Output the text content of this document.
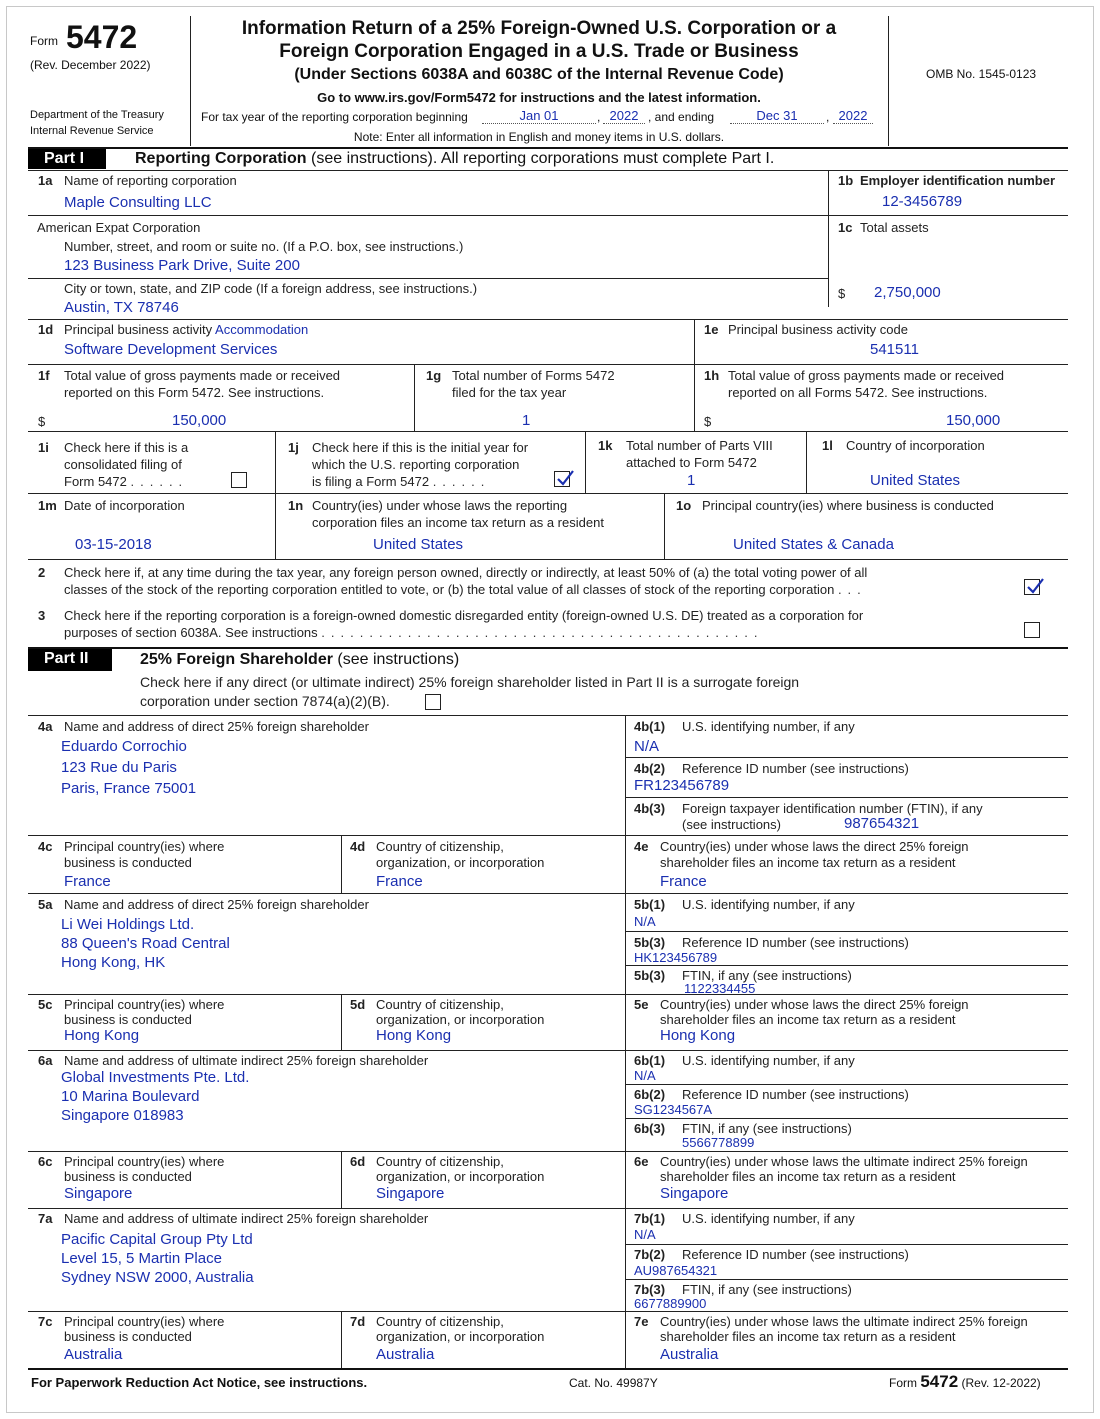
Form 5472
(Rev. December 2022)
Department of the Treasury
Internal Revenue Service
Information Return of a 25% Foreign-Owned U.S. Corporation or a
Foreign Corporation Engaged in a U.S. Trade or Business
(Under Sections 6038A and 6038C of the Internal Revenue Code)
Go to www.irs.gov/Form5472 for instructions and the latest information.
For tax year of the reporting corporation beginning	Jan 01	, 2022 , and ending	Dec 31	, 2022
Note: Enter all information in English and money items in U.S. dollars.
OMB No. 1545-0123
Part I	Reporting Corporation (see instructions). All reporting corporations must complete Part I.
1a Name of reporting corporation
Maple Consulting LLC
1b Employer identification number
12-3456789
American Expat Corporation
Number, street, and room or suite no. (If a P.O. box, see instructions.)
123 Business Park Drive, Suite 200
City or town, state, and ZIP code (If a foreign address, see instructions.)
Austin, TX 78746
1c Total assets
$ 2,750,000
1d Principal business activity Accommodation
Software Development Services
1e Principal business activity code
541511
1f Total value of gross payments made or received
reported on this Form 5472. See instructions.
$	150,000
1g Total number of Forms 5472
filed for the tax year
1
1h Total value of gross payments made or received
reported on all Forms 5472. See instructions.
$	150,000
1i Check here if this is a
consolidated filing of
Form 5472 ......
1j Check here if this is the initial year for
which the U.S. reporting corporation
is filing a Form 5472 ......
1k Total number of Parts VIII
attached to Form 5472
1
1l Country of incorporation
United States
1m Date of incorporation
03-15-2018
1n Country(ies) under whose laws the reporting
corporation files an income tax return as a resident
United States
1o Principal country(ies) where business is conducted
United States & Canada
2 Check here if, at any time during the tax year, any foreign person owned, directly or indirectly, at least 50% of (a) the total voting power of all
classes of the stock of the reporting corporation entitled to vote, or (b) the total value of all classes of stock of the reporting corporation ...
3 Check here if the reporting corporation is a foreign-owned domestic disregarded entity (foreign-owned U.S. DE) treated as a corporation for
purposes of section 6038A. See instructions ..............................................
Part II	25% Foreign Shareholder (see instructions)
Check here if any direct (or ultimate indirect) 25% foreign shareholder listed in Part II is a surrogate foreign
corporation under section 7874(a)(2)(B).
4a Name and address of direct 25% foreign shareholder
Eduardo Corrochio
123 Rue du Paris
Paris, France 75001
4b(1) U.S. identifying number, if any
N/A
4b(2) Reference ID number (see instructions)
FR123456789
4b(3) Foreign taxpayer identification number (FTIN), if any
(see instructions)	987654321
4c Principal country(ies) where
business is conducted
France
4d Country of citizenship,
organization, or incorporation
France
4e Country(ies) under whose laws the direct 25% foreign
shareholder files an income tax return as a resident
France
5a Name and address of direct 25% foreign shareholder
Li Wei Holdings Ltd.
88 Queen's Road Central
Hong Kong, HK
5b(1) U.S. identifying number, if any
N/A
5b(3) Reference ID number (see instructions)
HK123456789
5b(3) FTIN, if any (see instructions)
1122334455
5c Principal country(ies) where
business is conducted
Hong Kong
5d Country of citizenship,
organization, or incorporation
Hong Kong
5e Country(ies) under whose laws the direct 25% foreign
shareholder files an income tax return as a resident
Hong Kong
6a Name and address of ultimate indirect 25% foreign shareholder
Global Investments Pte. Ltd.
10 Marina Boulevard
Singapore 018983
6b(1) U.S. identifying number, if any
N/A
6b(2) Reference ID number (see instructions)
SG1234567A
6b(3) FTIN, if any (see instructions)
5566778899
6c Principal country(ies) where
business is conducted
Singapore
6d Country of citizenship,
organization, or incorporation
Singapore
6e Country(ies) under whose laws the ultimate indirect 25% foreign
shareholder files an income tax return as a resident
Singapore
7a Name and address of ultimate indirect 25% foreign shareholder
Pacific Capital Group Pty Ltd
Level 15, 5 Martin Place
Sydney NSW 2000, Australia
7b(1) U.S. identifying number, if any
N/A
7b(2) Reference ID number (see instructions)
AU987654321
7b(3) FTIN, if any (see instructions)
6677889900
7c Principal country(ies) where
business is conducted
Australia
7d Country of citizenship,
organization, or incorporation
Australia
7e Country(ies) under whose laws the ultimate indirect 25% foreign
shareholder files an income tax return as a resident
Australia
For Paperwork Reduction Act Notice, see instructions.	Cat. No. 49987Y	Form 5472 (Rev. 12-2022)
